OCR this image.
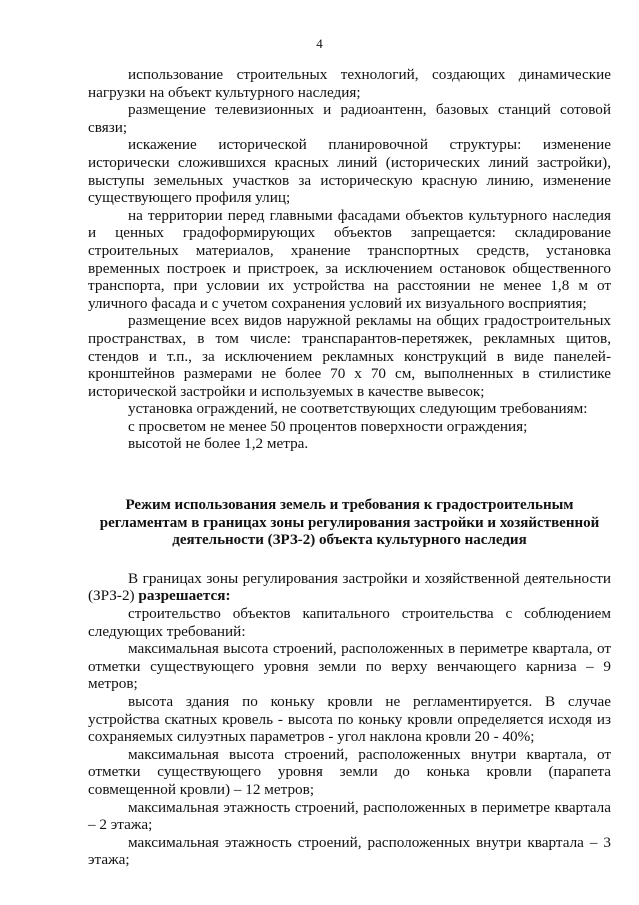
4

использование строительных технологий, создающих динамические нагрузки на объект культурного наследия;

размещение телевизионных и радиоантенн, базовых станций сотовой связи;

искажение исторической планировочной структуры: изменение исторически сложившихся красных линий (исторических линий застройки), выступы земельных участков за историческую красную линию, изменение существующего профиля улиц;

на территории перед главными фасадами объектов культурного наследия и ценных градоформирующих объектов запрещается: складирование строительных материалов, хранение транспортных средств, установка временных построек и пристроек, за исключением остановок общественного транспорта, при условии их устройства на расстоянии не менее 1,8 м от уличного фасада и с учетом сохранения условий их визуального восприятия;

размещение всех видов наружной рекламы на общих градостроительных пространствах, в том числе: транспарантов-перетяжек, рекламных щитов, стендов и т.п., за исключением рекламных конструкций в виде панелей-кронштейнов размерами не более 70 х 70 см, выполненных в стилистике исторической застройки и используемых в качестве вывесок;

установка ограждений, не соответствующих следующим требованиям:

с просветом не менее 50 процентов поверхности ограждения;

высотой не более 1,2 метра.

Режим использования земель и требования к градостроительным регламентам в границах зоны регулирования застройки и хозяйственной деятельности (ЗРЗ-2) объекта культурного наследия

В границах зоны регулирования застройки и хозяйственной деятельности (ЗРЗ-2) разрешается:

строительство объектов капитального строительства с соблюдением следующих требований:

максимальная высота строений, расположенных в периметре квартала, от отметки существующего уровня земли по верху венчающего карниза – 9 метров;

высота здания по коньку кровли не регламентируется. В случае устройства скатных кровель - высота по коньку кровли определяется исходя из сохраняемых силуэтных параметров - угол наклона кровли 20 - 40%;

максимальная высота строений, расположенных внутри квартала, от отметки существующего уровня земли до конька кровли (парапета совмещенной кровли) – 12 метров;

максимальная этажность строений, расположенных в периметре квартала – 2 этажа;

максимальная этажность строений, расположенных внутри квартала – 3 этажа;
